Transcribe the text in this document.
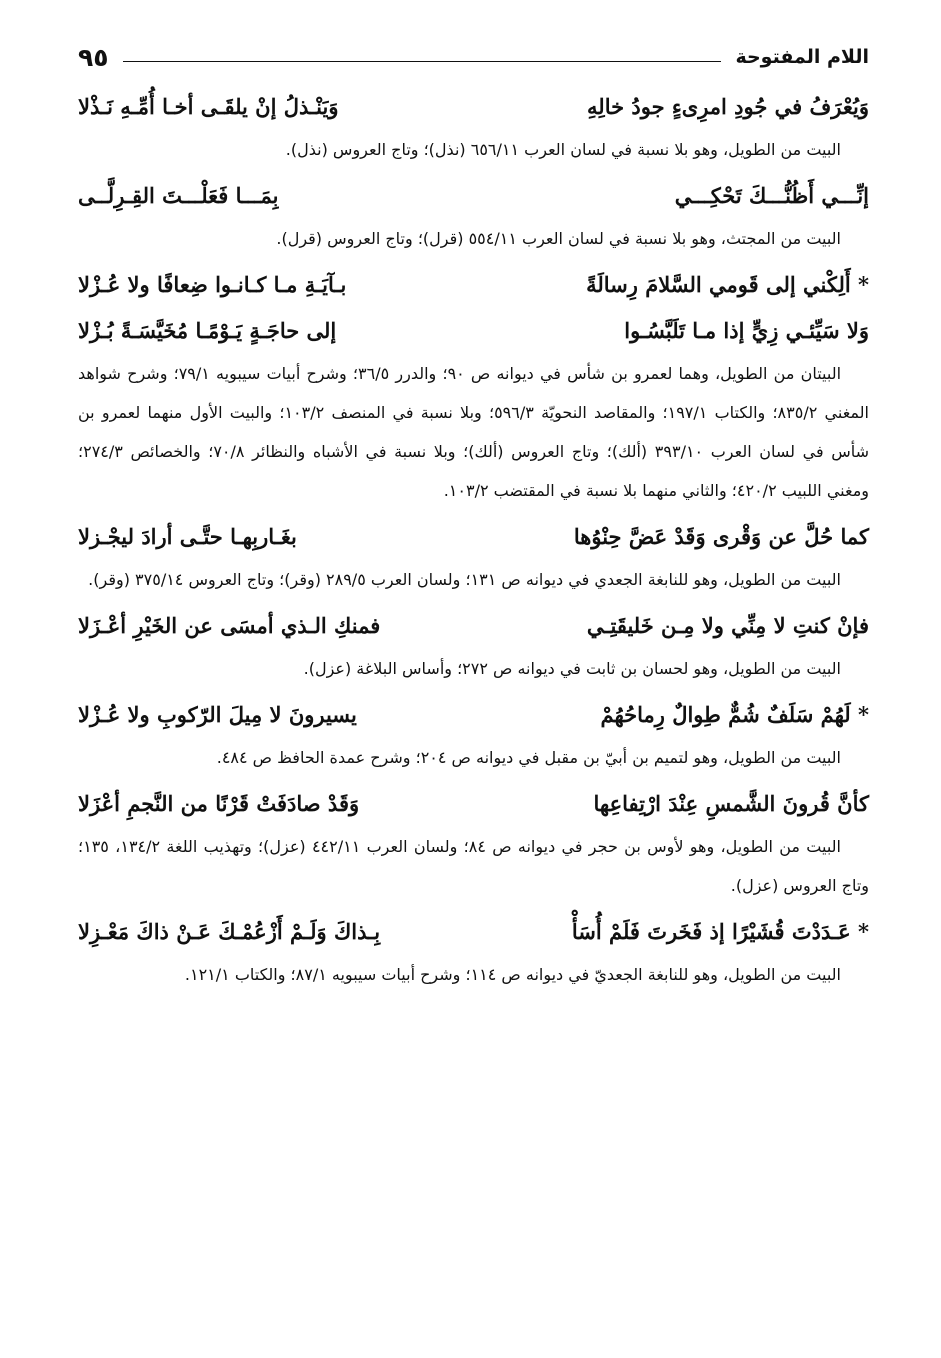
اللام المفتوحة
٩٥
وَيُعْرَفُ في جُودِ امرِىءٍ جودُ خالِهِ
وَيَنْـذلُ إنْ يلقَـى أخـا أُمِّـهِ نَـذْلا

البيت من الطويل، وهو بلا نسبة في لسان العرب ٦٥٦/١١ (نذل)؛ وتاج العروس (نذل).

إنِّـــي أَظُنُّـــكَ تَحْكِـــي
بِمَـــا فَعَلْـــتَ القِـرِلَّــى

البيت من المجتث، وهو بلا نسبة في لسان العرب ٥٥٤/١١ (قرل)؛ وتاج العروس (قرل).

* أَلِكْني إلى قَومي السَّلامَ رِسالَةً
بـآيَـةِ مـا كـانـوا ضِعافًا ولا عُـزْلا
وَلا سَيِّئـي زِيٍّ إذا مـا تَلَبَّسُـوا
إلى حاجَـةٍ يَـوْمًـا مُخَيَّسَـةً بُـزْلا

البيتان من الطويل، وهما لعمرو بن شأس في ديوانه ص ٩٠؛ والدرر ٣٦/٥؛ وشرح أبيات سيبويه ٧٩/١؛ وشرح شواهد المغني ٨٣٥/٢؛ والكتاب ١٩٧/١؛ والمقاصد النحويّة ٥٩٦/٣؛ وبلا نسبة في المنصف ١٠٣/٢؛ والبيت الأول منهما لعمرو بن شأس في لسان العرب ٣٩٣/١٠ (ألك)؛ وتاج العروس (ألك)؛ وبلا نسبة في الأشباه والنظائر ٧٠/٨؛ والخصائص ٢٧٤/٣؛ ومغني اللبيب ٤٢٠/٢؛ والثاني منهما بلا نسبة في المقتضب ١٠٣/٢.

كما حُلَّ عن وَقْرى وَقَدْ عَضَّ حِنْوُها
بغَـاربِهـا حتَّـى أرادَ ليجْـزلا

البيت من الطويل، وهو للنابغة الجعدي في ديوانه ص ١٣١؛ ولسان العرب ٢٨٩/٥ (وقر)؛ وتاج العروس ٣٧٥/١٤ (وقر).

فإنْ كنتِ لا مِنِّي ولا مِـن خَليقَتِـي
فمنكِ الـذي أمسَى عن الخَيْرِ أعْـزَلا

البيت من الطويل، وهو لحسان بن ثابت في ديوانه ص ٢٧٢؛ وأساس البلاغة (عزل).

* لَهُمْ سَلَفٌ شُمٌّ طِوالٌ رِماحُهُمْ
يسيرونَ لا مِيلَ الرّكوبِ ولا عُـزْلا

البيت من الطويل، وهو لتميم بن أبيّ بن مقبل في ديوانه ص ٢٠٤؛ وشرح عمدة الحافظ ص ٤٨٤.

كأنَّ قُرونَ الشَّمسِ عِنْدَ ارْتِفاعِها
وَقَدْ صادَفَتْ قَرْنًا من النَّجمِ أعْزَلا

البيت من الطويل، وهو لأوس بن حجر في ديوانه ص ٨٤؛ ولسان العرب ٤٤٢/١١ (عزل)؛ وتهذيب اللغة ١٣٤/٢، ١٣٥؛ وتاج العروس (عزل).

* عَـدَدْتَ قُشَيْرًا إذ فَخَرتَ فَلَمْ أُسَأْ
بِـذاكَ وَلَـمْ أَزْعُمْـكَ عَـنْ ذاكَ مَعْـزِلا

البيت من الطويل، وهو للنابغة الجعديّ في ديوانه ص ١١٤؛ وشرح أبيات سيبويه ٨٧/١؛ والكتاب ١٢١/١.
